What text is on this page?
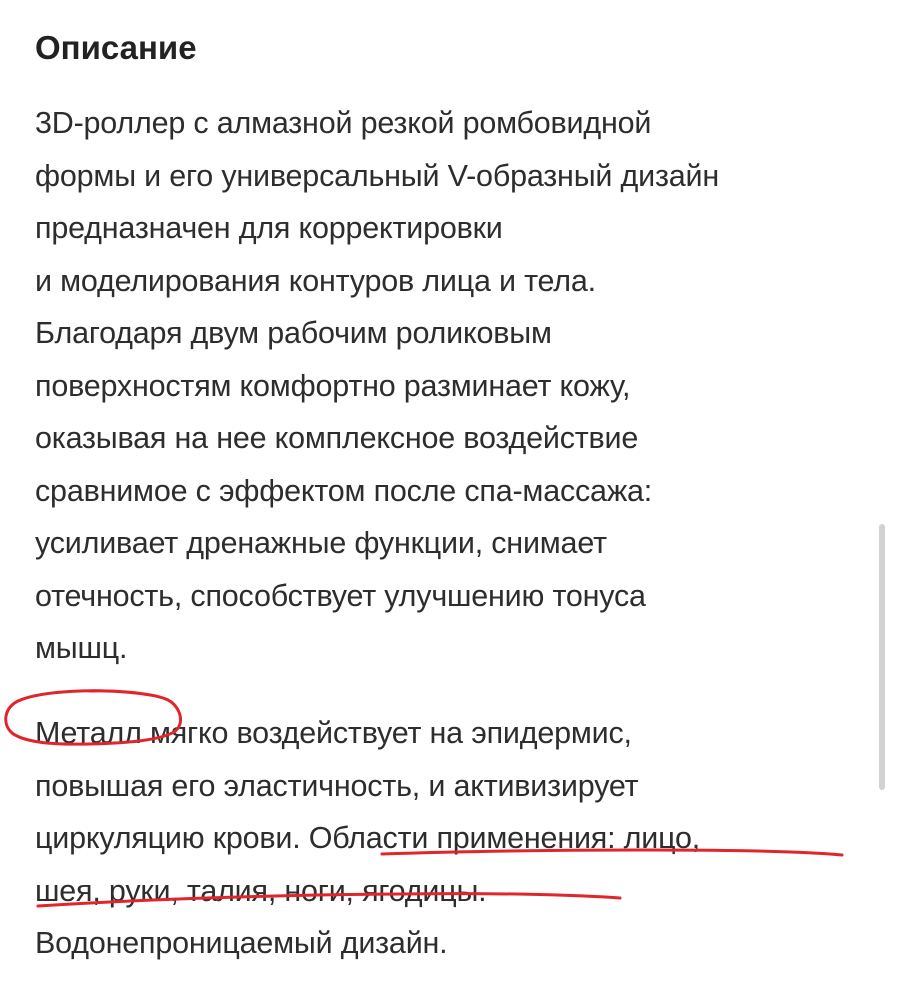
Описание

3D-роллер с алмазной резкой ромбовидной
формы и его универсальный V-образный дизайн
предназначен для корректировки
и моделирования контуров лица и тела.
Благодаря двум рабочим роликовым
поверхностям комфортно разминает кожу,
оказывая на нее комплексное воздействие
сравнимое с эффектом после спа-массажа:
усиливает дренажные функции, снимает
отечность, способствует улучшению тонуса
мышц.

Металл мягко воздействует на эпидермис,
повышая его эластичность, и активизирует
циркуляцию крови. Области применения: лицо,
шея, руки, талия, ноги, ягодицы.
Водонепроницаемый дизайн.
